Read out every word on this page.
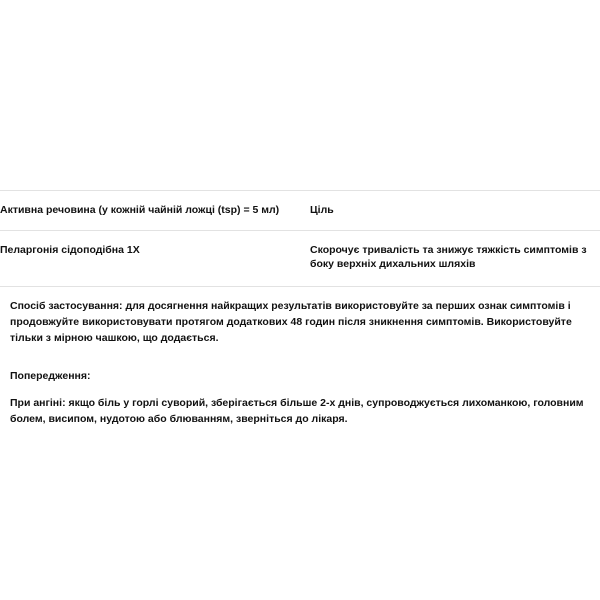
Активна речовина (у кожній чайній ложці (tsp) = 5 мл)	Ціль
Пеларгонія сідоподібна 1X	Скорочує тривалість та знижує тяжкість симптомів з боку верхніх дихальних шляхів
Спосіб застосування: для досягнення найкращих результатів використовуйте за перших ознак симптомів і продовжуйте використовувати протягом додаткових 48 годин після зникнення симптомів. Використовуйте тільки з мірною чашкою, що додається.
Попередження:
При ангіні: якщо біль у горлі суворий, зберігається більше 2-х днів, супроводжується лихоманкою, головним болем, висипом, нудотою або блюванням, зверніться до лікаря.
